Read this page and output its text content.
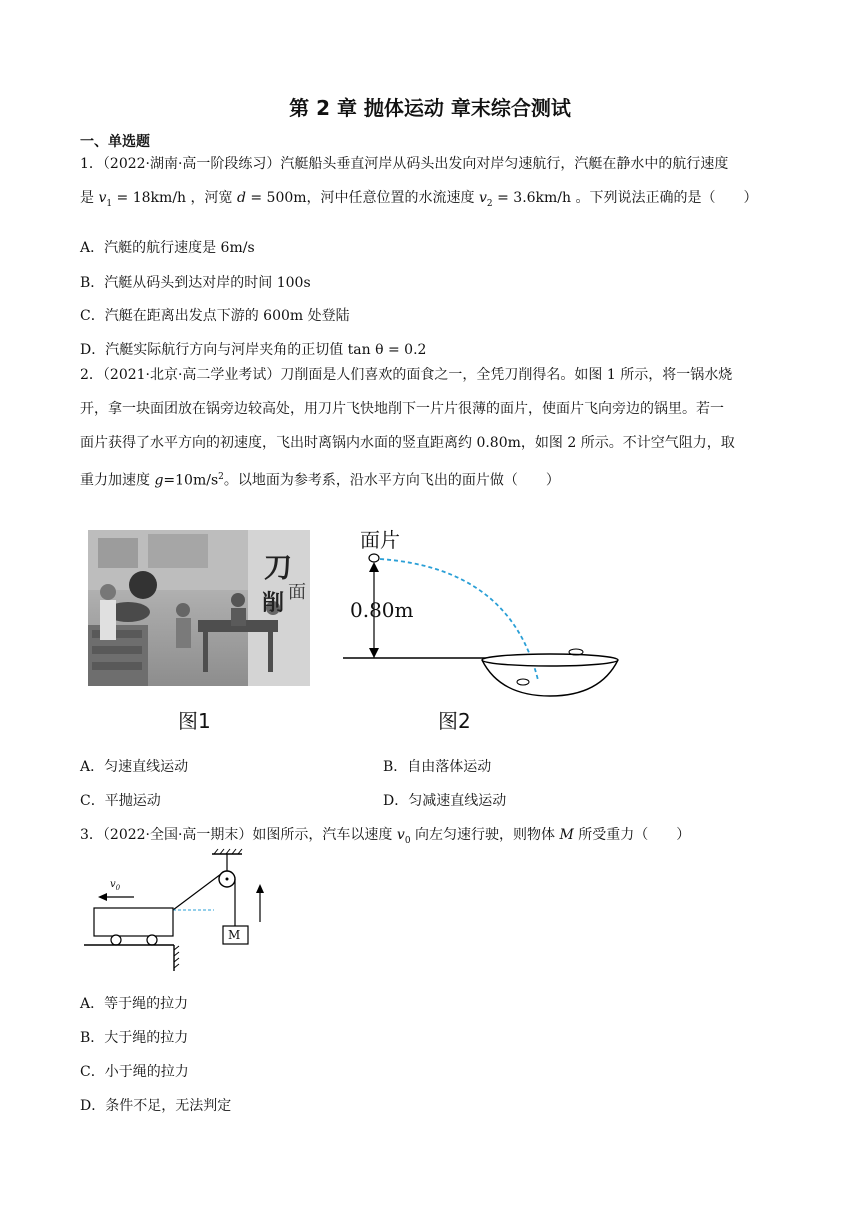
第 2 章 抛体运动 章末综合测试
一、单选题
1．（2022·湖南·高一阶段练习）汽艇船头垂直河岸从码头出发向对岸匀速航行，汽艇在静水中的航行速度
是 $v_1 = 18km/h$ ，河宽 d = 500m，河中任意位置的水流速度 $v_2 = 3.6km/h$ 。下列说法正确的是（　　）
A．汽艇的航行速度是 6m/s
B．汽艇从码头到达对岸的时间 100s
C．汽艇在距离出发点下游的 600m 处登陆
D．汽艇实际航行方向与河岸夹角的正切值 tan θ = 0.2
2．（2021·北京·高二学业考试）刀削面是人们喜欢的面食之一，全凭刀削得名。如图 1 所示，将一锅水烧
开，拿一块面团放在锅旁边较高处，用刀片飞快地削下一片片很薄的面片，使面片飞向旁边的锅里。若一
面片获得了水平方向的初速度，飞出时离锅内水面的竖直距离约 0.80m，如图 2 所示。不计空气阻力，取
重力加速度 $g=10m/s^2$。以地面为参考系，沿水平方向飞出的面片做（　　）
刀
面
削
面片
0.80m
图1	图2
A．匀速直线运动	B．自由落体运动
C．平抛运动	D．匀减速直线运动
3．（2022·全国·高一期末）如图所示，汽车以速度 $v_0$ 向左匀速行驶，则物体 M 所受重力（　　）
$v_0$
M
A．等于绳的拉力
B．大于绳的拉力
C．小于绳的拉力
D．条件不足，无法判定
